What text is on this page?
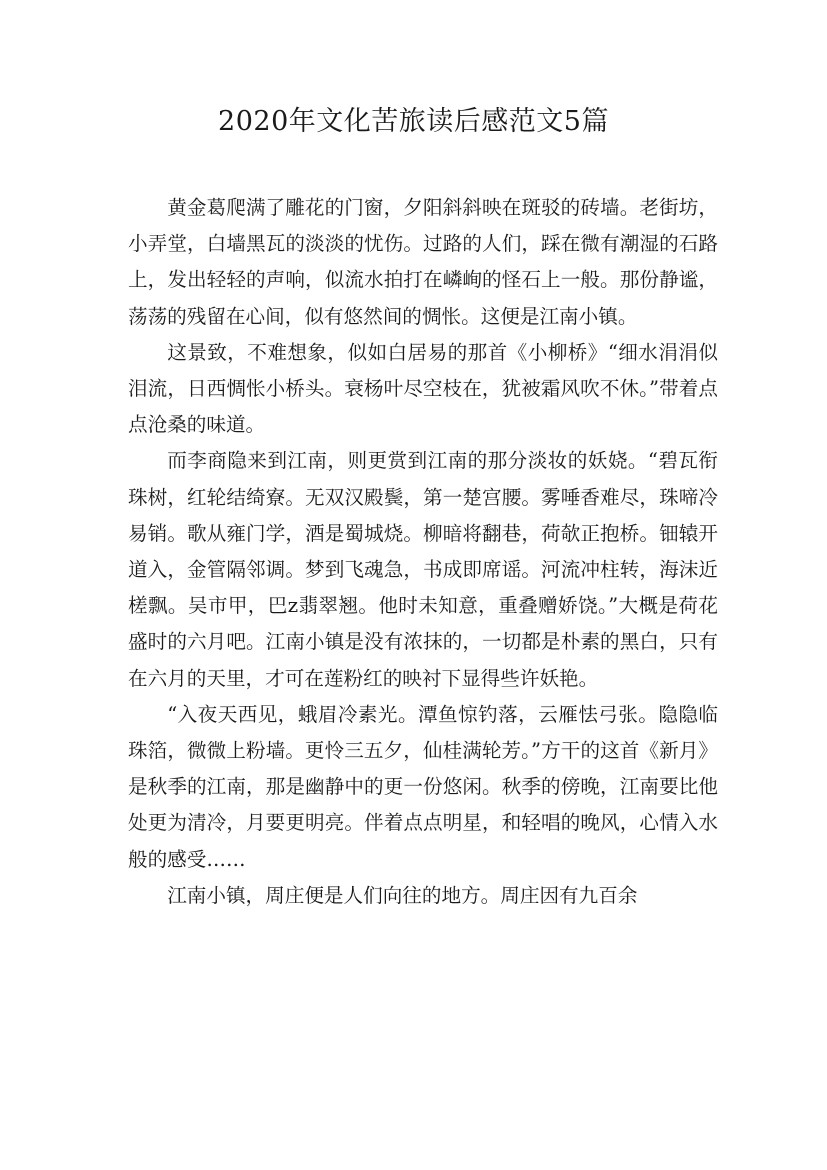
2020年文化苦旅读后感范文5篇

黄金葛爬满了雕花的门窗，夕阳斜斜映在斑驳的砖墙。老街坊，小弄堂，白墙黑瓦的淡淡的忧伤。过路的人们，踩在微有潮湿的石路上，发出轻轻的声响，似流水拍打在嶙峋的怪石上一般。那份静谧，荡荡的残留在心间，似有悠然间的惆怅。这便是江南小镇。

这景致，不难想象，似如白居易的那首《小柳桥》“细水涓涓似泪流，日西惆怅小桥头。衰杨叶尽空枝在，犹被霜风吹不休。”带着点点沧桑的味道。

而李商隐来到江南，则更赏到江南的那分淡妆的妖娆。“碧瓦衔珠树，红轮结绮寮。无双汉殿鬓，第一楚宫腰。雾唾香难尽，珠啼冷易销。歌从雍门学，酒是蜀城烧。柳暗将翻巷，荷欹正抱桥。钿辕开道入，金管隔邻调。梦到飞魂急，书成即席谣。河流冲柱转，海沫近槎飘。吴市甲，巴z翡翠翘。他时未知意，重叠赠娇饶。”大概是荷花盛时的六月吧。江南小镇是没有浓抹的，一切都是朴素的黑白，只有在六月的天里，才可在莲粉红的映衬下显得些许妖艳。

“入夜天西见，蛾眉冷素光。潭鱼惊钓落，云雁怯弓张。隐隐临珠箔，微微上粉墙。更怜三五夕，仙桂满轮芳。”方干的这首《新月》是秋季的江南，那是幽静中的更一份悠闲。秋季的傍晚，江南要比他处更为清冷，月要更明亮。伴着点点明星，和轻唱的晚风，心情入水般的感受……

江南小镇，周庄便是人们向往的地方。周庄因有九百余
